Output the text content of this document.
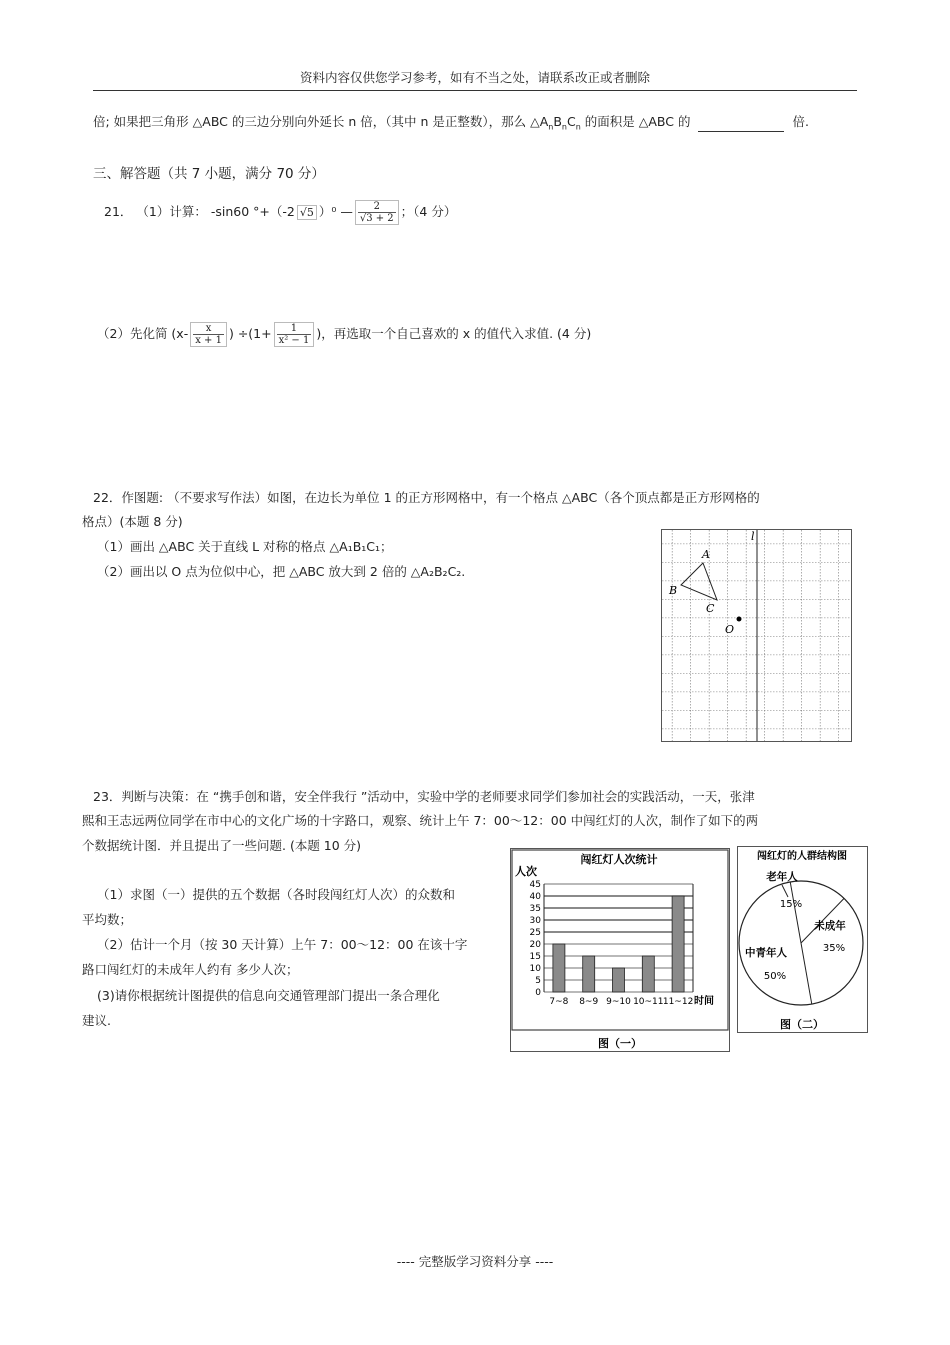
资料内容仅供您学习参考，如有不当之处，请联系改正或者删除
倍; 如果把三角形 △ABC 的三边分别向外延长 n 倍，（其中 n 是正整数），那么 $\triangle A_nB_nC_n$ 的面积是 △ABC 的	倍.
三、解答题（共 7 小题，满分 70 分）
21． （1）计算： -sin60 °+（-2 √5 ）⁰ — $\frac{2}{√3 + 2}$ ；（4 分）
（2）先化简 ($x- \frac{x}{x + 1}$ ) $\div(1+ \frac{1}{\text{x² − 1}}$ )，再选取一个自己喜欢的 x 的值代入求值. (4 分)
22．作图题: （不要求写作法）如图，在边长为单位 1 的正方形网格中，有一个格点 △ABC（各个顶点都是正方形网格的
格点）(本题 8 分)
（1）画出 △ABC 关于直线 L 对称的格点 △A₁B₁C₁；
（2）画出以 O 点为位似中心，把 △ABC 放大到 2 倍的 △A₂B₂C₂.
l
A
B
C
O
23．判断与决策：在 “携手创和谐，安全伴我行 ”活动中，实验中学的老师要求同学们参加社会的实践活动，一天，张津
熙和王志远两位同学在市中心的文化广场的十字路口，观察、统计上午 7：00～12：00 中闯红灯的人次，制作了如下的两
个数据统计图．并且提出了一些问题. (本题 10 分)
（1）求图（一）提供的五个数据（各时段闯红灯人次）的众数和
平均数；
（2）估计一个月（按 30 天计算）上午 7：00～12：00 在该十字
路口闯红灯的未成年人约有 多少人次；
(3)请你根据统计图提供的信息向交通管理部门提出一条合理化
建议.
闯红灯人次统计
人次
0
5
10
15
20
25
30
35
40
45
7~8 8~9 9~10 10~11 11~12 时间
图（一）
闯红灯的人群结构图
老年人
15%
未成年
35%
中青年人
50%
图（二）
---- 完整版学习资料分享 ----
